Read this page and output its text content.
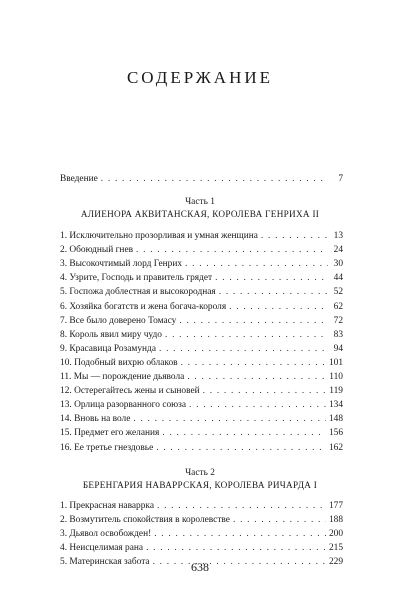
СОДЕРЖАНИЕ
Введение . . .	7
Часть 1
АЛИЕНОРА АКВИТАНСКАЯ, КОРОЛЕВА ГЕНРИХА II
1. Исключительно прозорливая и умная женщина . . .	13
2. Обоюдный гнев . . .	24
3. Высокочтимый лорд Генрих . . .	30
4. Узрите, Господь и правитель грядет . . .	44
5. Госпожа доблестная и высокородная . . .	52
6. Хозяйка богатств и жена богача-короля . . .	62
7. Все было доверено Томасу . . .	72
8. Король явил миру чудо . . .	83
9. Красавица Розамунда . . .	94
10. Подобный вихрю облаков . . .	101
11. Мы — порождение дьявола . . .	110
12. Остерегайтесь жены и сыновей . . .	119
13. Орлица разорванного союза . . .	134
14. Вновь на воле . . .	148
15. Предмет его желания . . .	156
16. Ее третье гнездовье . . .	162
Часть 2
БЕРЕНГАРИЯ НАВАРРСКАЯ, КОРОЛЕВА РИЧАРДА I
1. Прекрасная наваррка . . .	177
2. Возмутитель спокойствия в королевстве . . .	188
3. Дьявол освобожден! . . .	200
4. Неисцелимая рана . . .	215
5. Материнская забота . . .	229
638
